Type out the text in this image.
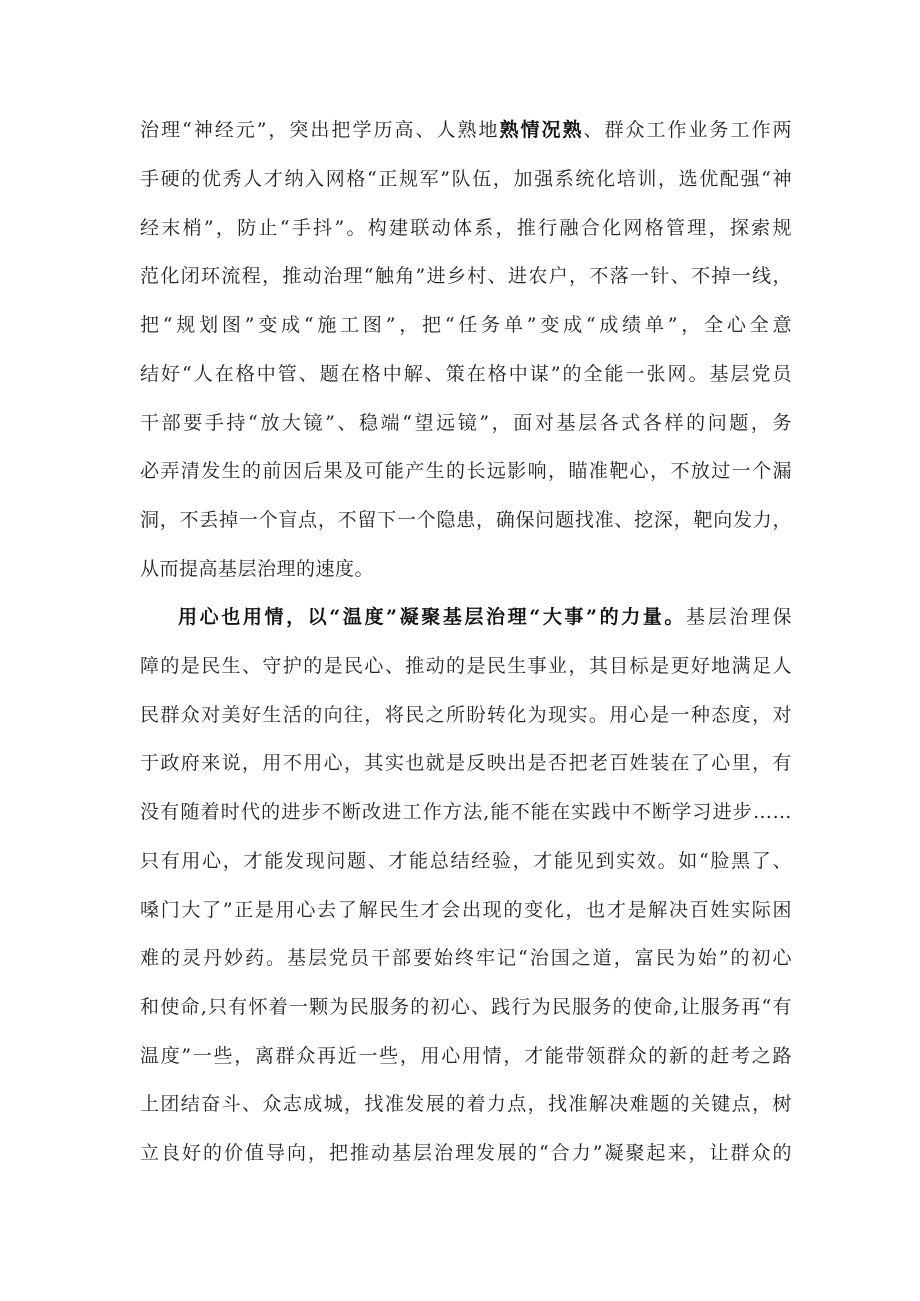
治理“神经元”，突出把学历高、人熟地熟情况熟、群众工作业务工作两
手硬的优秀人才纳入网格“正规军”队伍，加强系统化培训，选优配强“神
经末梢”，防止“手抖”。构建联动体系，推行融合化网格管理，探索规
范化闭环流程，推动治理“触角”进乡村、进农户，不落一针、不掉一线，
把“规划图”变成“施工图”，把“任务单”变成“成绩单”，全心全意
结好“人在格中管、题在格中解、策在格中谋”的全能一张网。基层党员
干部要手持“放大镜”、稳端“望远镜”，面对基层各式各样的问题，务
必弄清发生的前因后果及可能产生的长远影响，瞄准靶心，不放过一个漏
洞，不丢掉一个盲点，不留下一个隐患，确保问题找准、挖深，靶向发力，
从而提高基层治理的速度。
用心也用情，以“温度”凝聚基层治理“大事”的力量。基层治理保
障的是民生、守护的是民心、推动的是民生事业，其目标是更好地满足人
民群众对美好生活的向往，将民之所盼转化为现实。用心是一种态度，对
于政府来说，用不用心，其实也就是反映出是否把老百姓装在了心里，有
没有随着时代的进步不断改进工作方法,能不能在实践中不断学习进步……
只有用心，才能发现问题、才能总结经验，才能见到实效。如“脸黑了、
嗓门大了”正是用心去了解民生才会出现的变化，也才是解决百姓实际困
难的灵丹妙药。基层党员干部要始终牢记“治国之道，富民为始”的初心
和使命,只有怀着一颗为民服务的初心、践行为民服务的使命,让服务再“有
温度”一些，离群众再近一些，用心用情，才能带领群众的新的赶考之路
上团结奋斗、众志成城，找准发展的着力点，找准解决难题的关键点，树
立良好的价值导向，把推动基层治理发展的“合力”凝聚起来，让群众的
